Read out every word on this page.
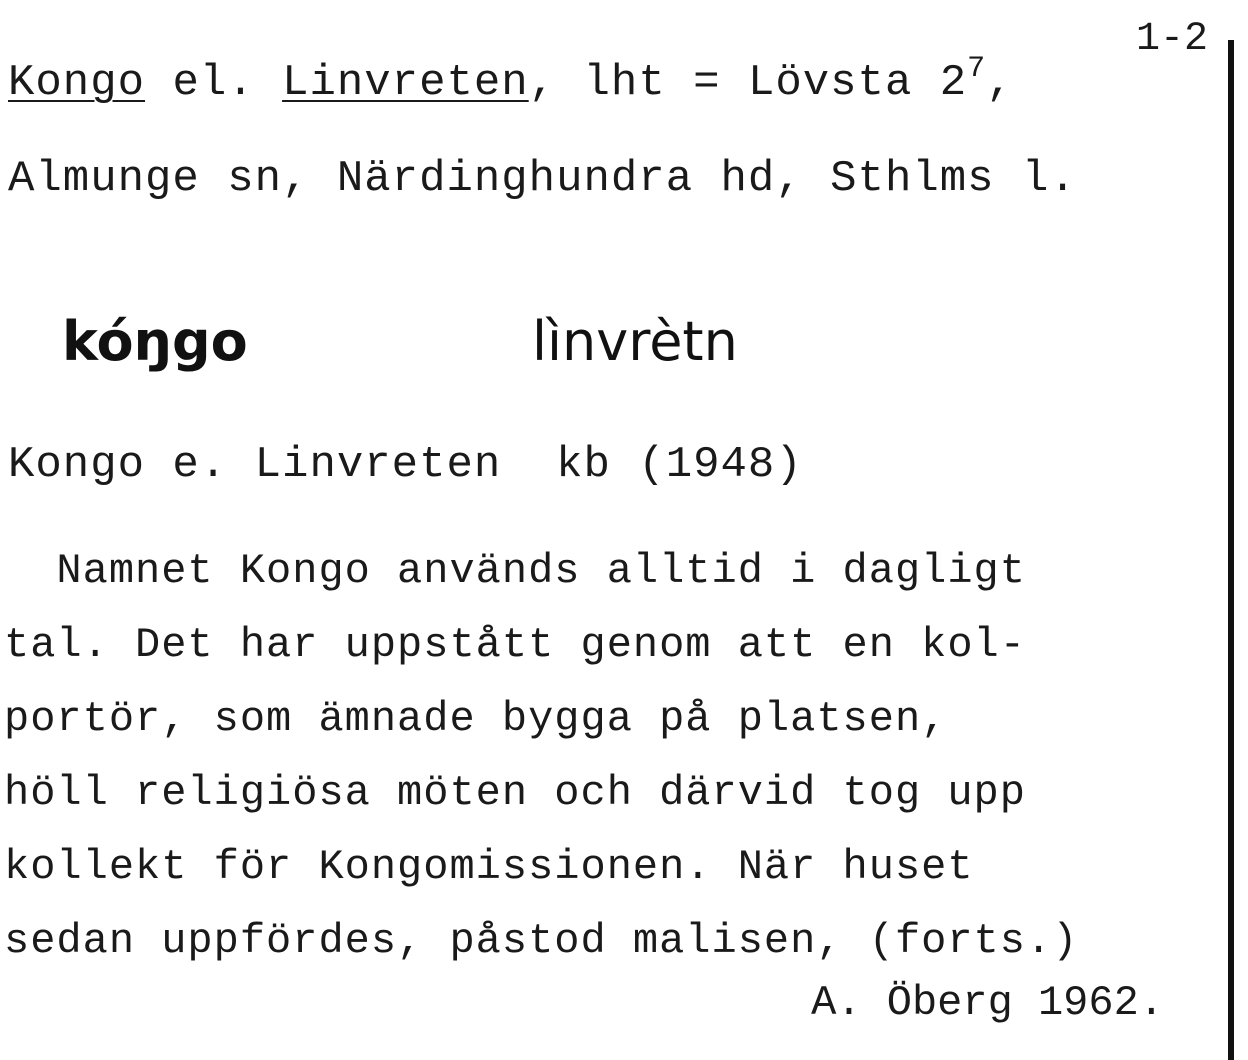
1-2
Kongo el. Linvreten, lht = Lövsta $2^7$,
Almunge sn, Närdinghundra hd, Sthlms l.
kóŋgo	lìnvrètn
Kongo e. Linvreten  kb (1948)
Namnet Kongo används alltid i dagligt
tal. Det har uppstått genom att en kol-
portör, som ämnade bygga på platsen,
höll religiösa möten och därvid tog upp
kollekt för Kongomissionen. När huset
sedan uppfördes, påstod malisen, (forts.)
A. Öberg 1962.
